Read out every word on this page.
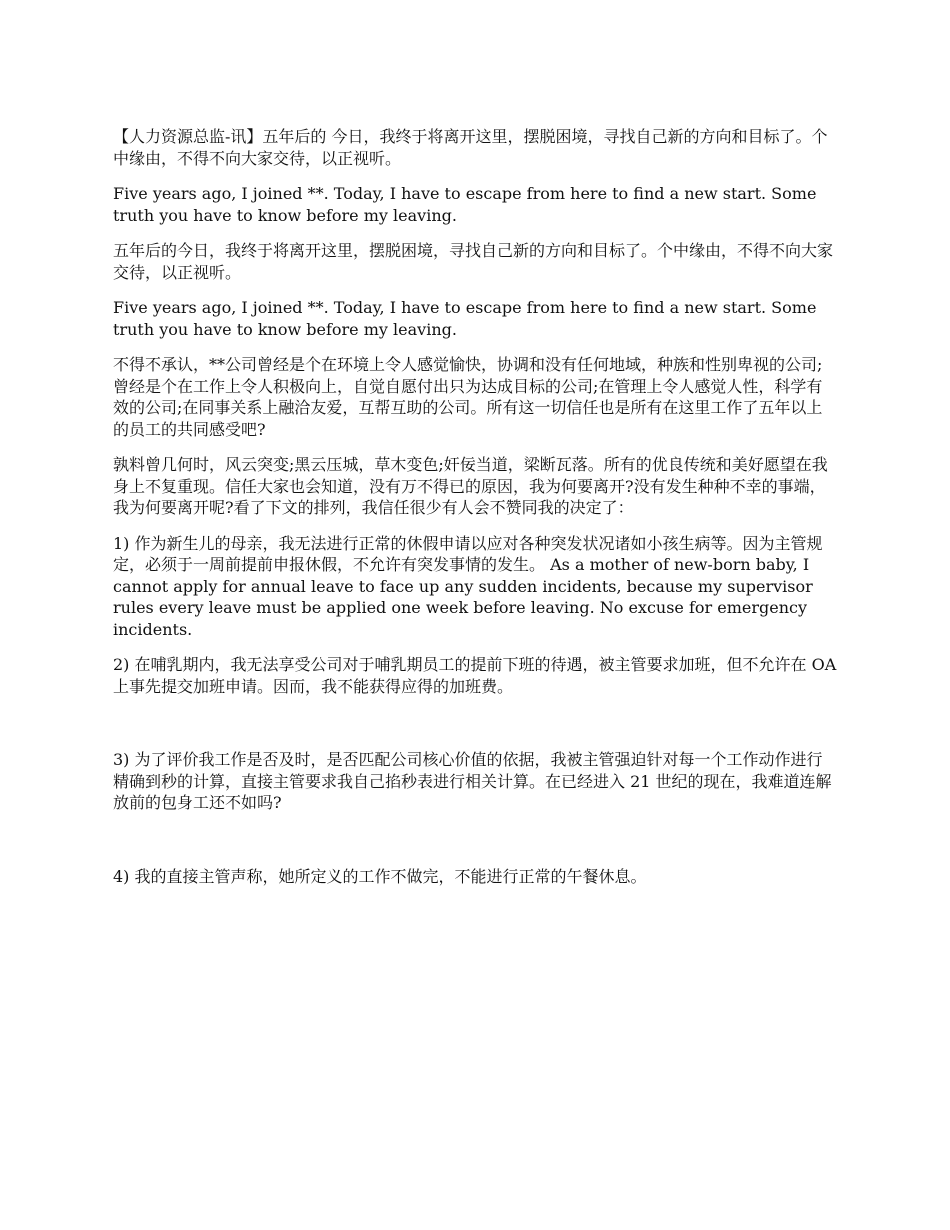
【人力资源总监-讯】五年后的 今日，我终于将离开这里，摆脱困境，寻找自己新的方向和目标了。个中缘由，不得不向大家交待，以正视听。

Five years ago, I joined **. Today, I have to escape from here to find a new start. Some truth you have to know before my leaving.

五年后的今日，我终于将离开这里，摆脱困境，寻找自己新的方向和目标了。个中缘由，不得不向大家交待，以正视听。

Five years ago, I joined **. Today, I have to escape from here to find a new start. Some truth you have to know before my leaving.

不得不承认，**公司曾经是个在环境上令人感觉愉快，协调和没有任何地域，种族和性别卑视的公司;曾经是个在工作上令人积极向上，自觉自愿付出只为达成目标的公司;在管理上令人感觉人性，科学有效的公司;在同事关系上融洽友爱，互帮互助的公司。所有这一切信任也是所有在这里工作了五年以上的员工的共同感受吧?

孰料曾几何时，风云突变;黑云压城，草木变色;奸佞当道，梁断瓦落。所有的优良传统和美好愿望在我身上不复重现。信任大家也会知道，没有万不得已的原因，我为何要离开?没有发生种种不幸的事端，我为何要离开呢?看了下文的排列，我信任很少有人会不赞同我的决定了：

1) 作为新生儿的母亲，我无法进行正常的休假申请以应对各种突发状况诸如小孩生病等。因为主管规定，必须于一周前提前申报休假，不允许有突发事情的发生。 As a mother of new-born baby, I cannot apply for annual leave to face up any sudden incidents, because my supervisor rules every leave must be applied one week before leaving. No excuse for emergency incidents.

2) 在哺乳期内，我无法享受公司对于哺乳期员工的提前下班的待遇，被主管要求加班，但不允许在 OA 上事先提交加班申请。因而，我不能获得应得的加班费。

3) 为了评价我工作是否及时，是否匹配公司核心价值的依据，我被主管强迫针对每一个工作动作进行精确到秒的计算，直接主管要求我自己掐秒表进行相关计算。在已经进入 21 世纪的现在，我难道连解放前的包身工还不如吗?

4) 我的直接主管声称，她所定义的工作不做完，不能进行正常的午餐休息。
